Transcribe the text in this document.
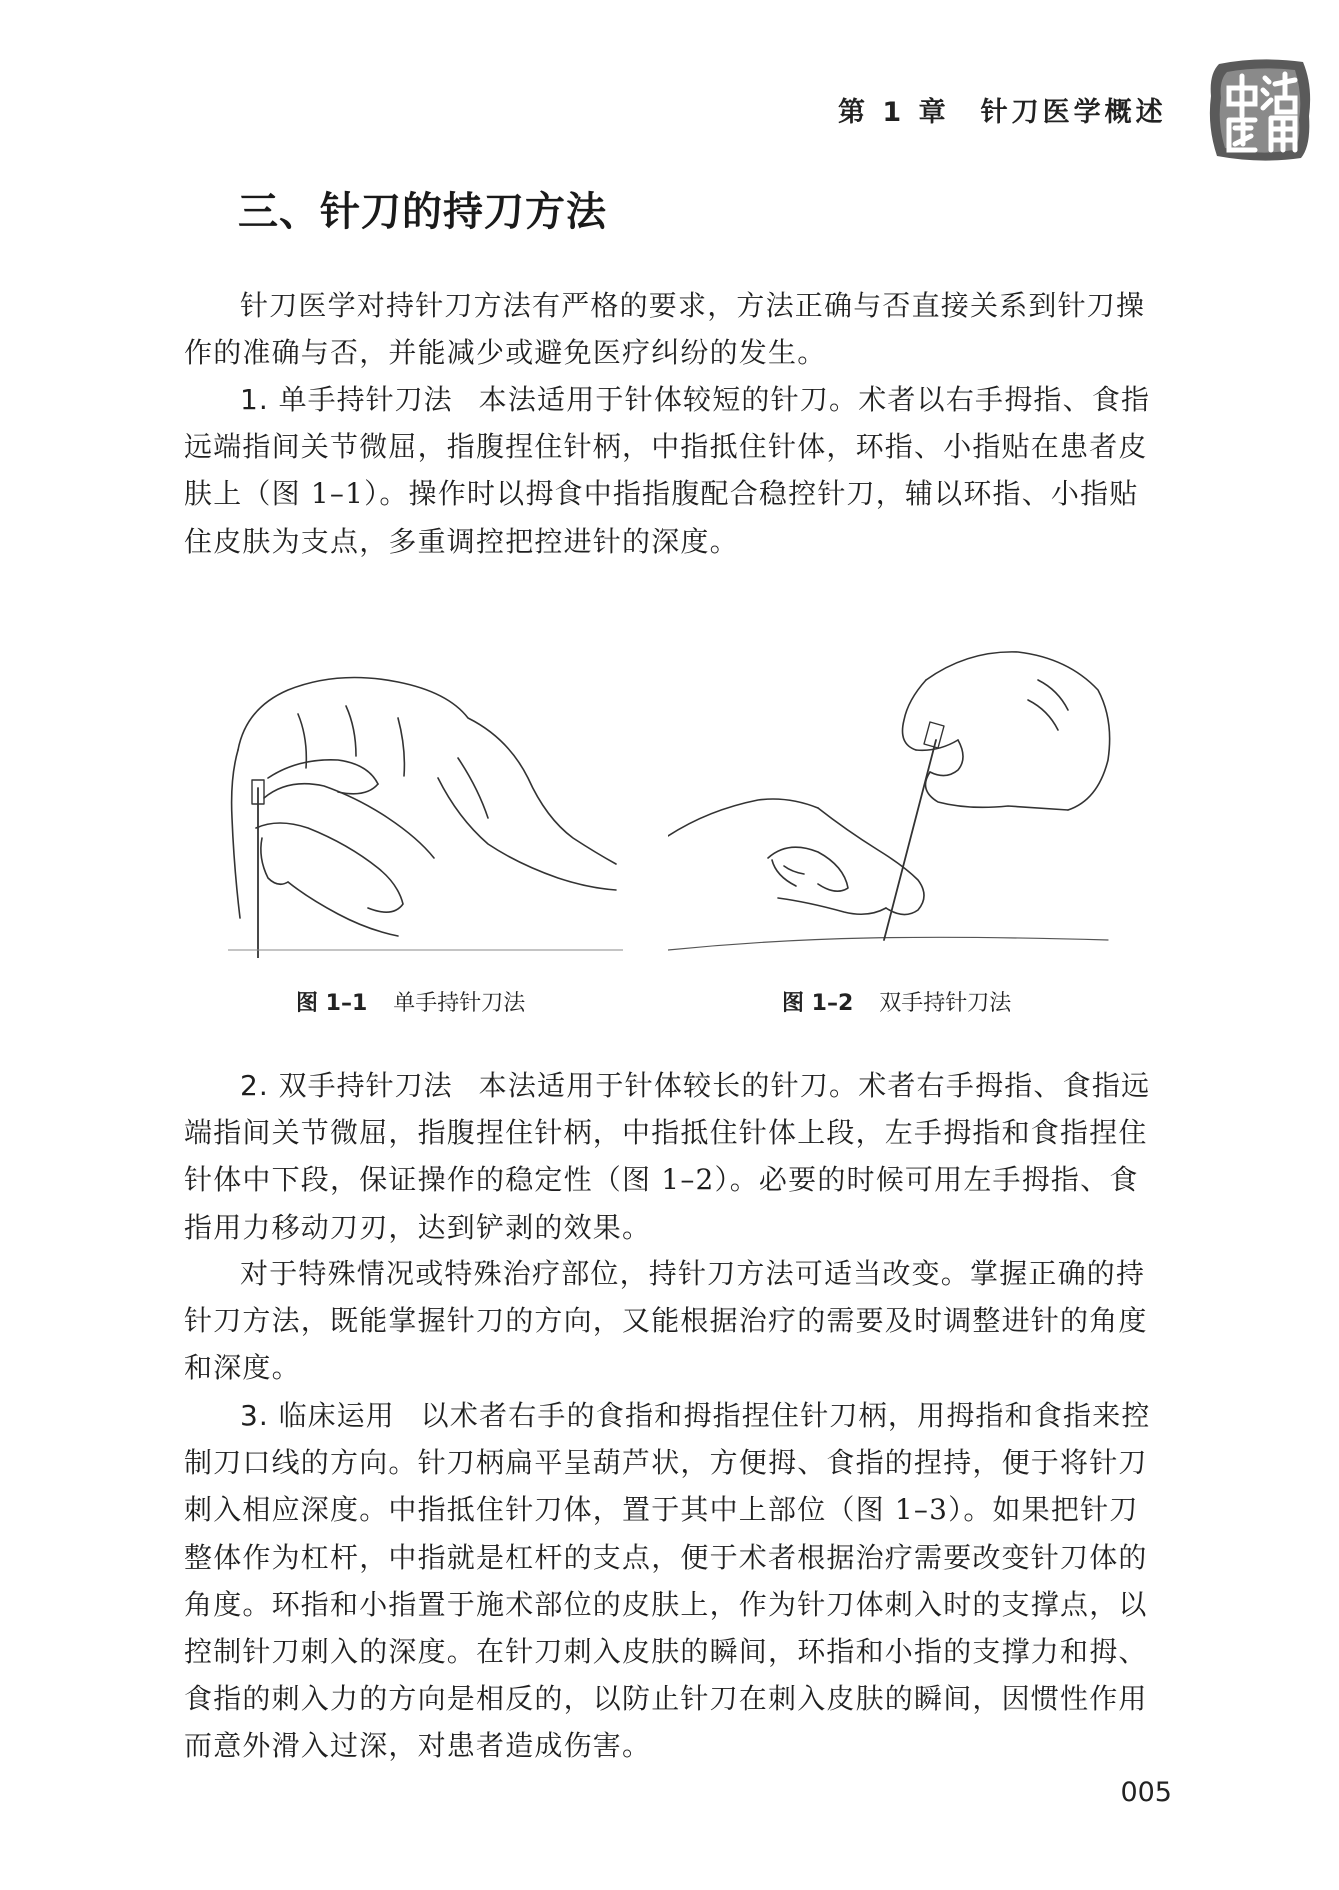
第 1 章　针刀医学概述
三、针刀的持刀方法

针刀医学对持针刀方法有严格的要求，方法正确与否直接关系到针刀操作的准确与否，并能减少或避免医疗纠纷的发生。

1. 单手持针刀法 本法适用于针体较短的针刀。术者以右手拇指、食指远端指间关节微屈，指腹捏住针柄，中指抵住针体，环指、小指贴在患者皮肤上（图 1–1）。操作时以拇食中指指腹配合稳控针刀，辅以环指、小指贴住皮肤为支点，多重调控把控进针的深度。

图 1–1 单手持针刀法	图 1–2 双手持针刀法

2. 双手持针刀法 本法适用于针体较长的针刀。术者右手拇指、食指远端指间关节微屈，指腹捏住针柄，中指抵住针体上段，左手拇指和食指捏住针体中下段，保证操作的稳定性（图 1–2）。必要的时候可用左手拇指、食指用力移动刀刃，达到铲剥的效果。

对于特殊情况或特殊治疗部位，持针刀方法可适当改变。掌握正确的持针刀方法，既能掌握针刀的方向，又能根据治疗的需要及时调整进针的角度和深度。

3. 临床运用 以术者右手的食指和拇指捏住针刀柄，用拇指和食指来控制刀口线的方向。针刀柄扁平呈葫芦状，方便拇、食指的捏持，便于将针刀刺入相应深度。中指抵住针刀体，置于其中上部位（图 1–3）。如果把针刀整体作为杠杆，中指就是杠杆的支点，便于术者根据治疗需要改变针刀体的角度。环指和小指置于施术部位的皮肤上，作为针刀体刺入时的支撑点，以控制针刀刺入的深度。在针刀刺入皮肤的瞬间，环指和小指的支撑力和拇、食指的刺入力的方向是相反的，以防止针刀在刺入皮肤的瞬间，因惯性作用而意外滑入过深，对患者造成伤害。

005
